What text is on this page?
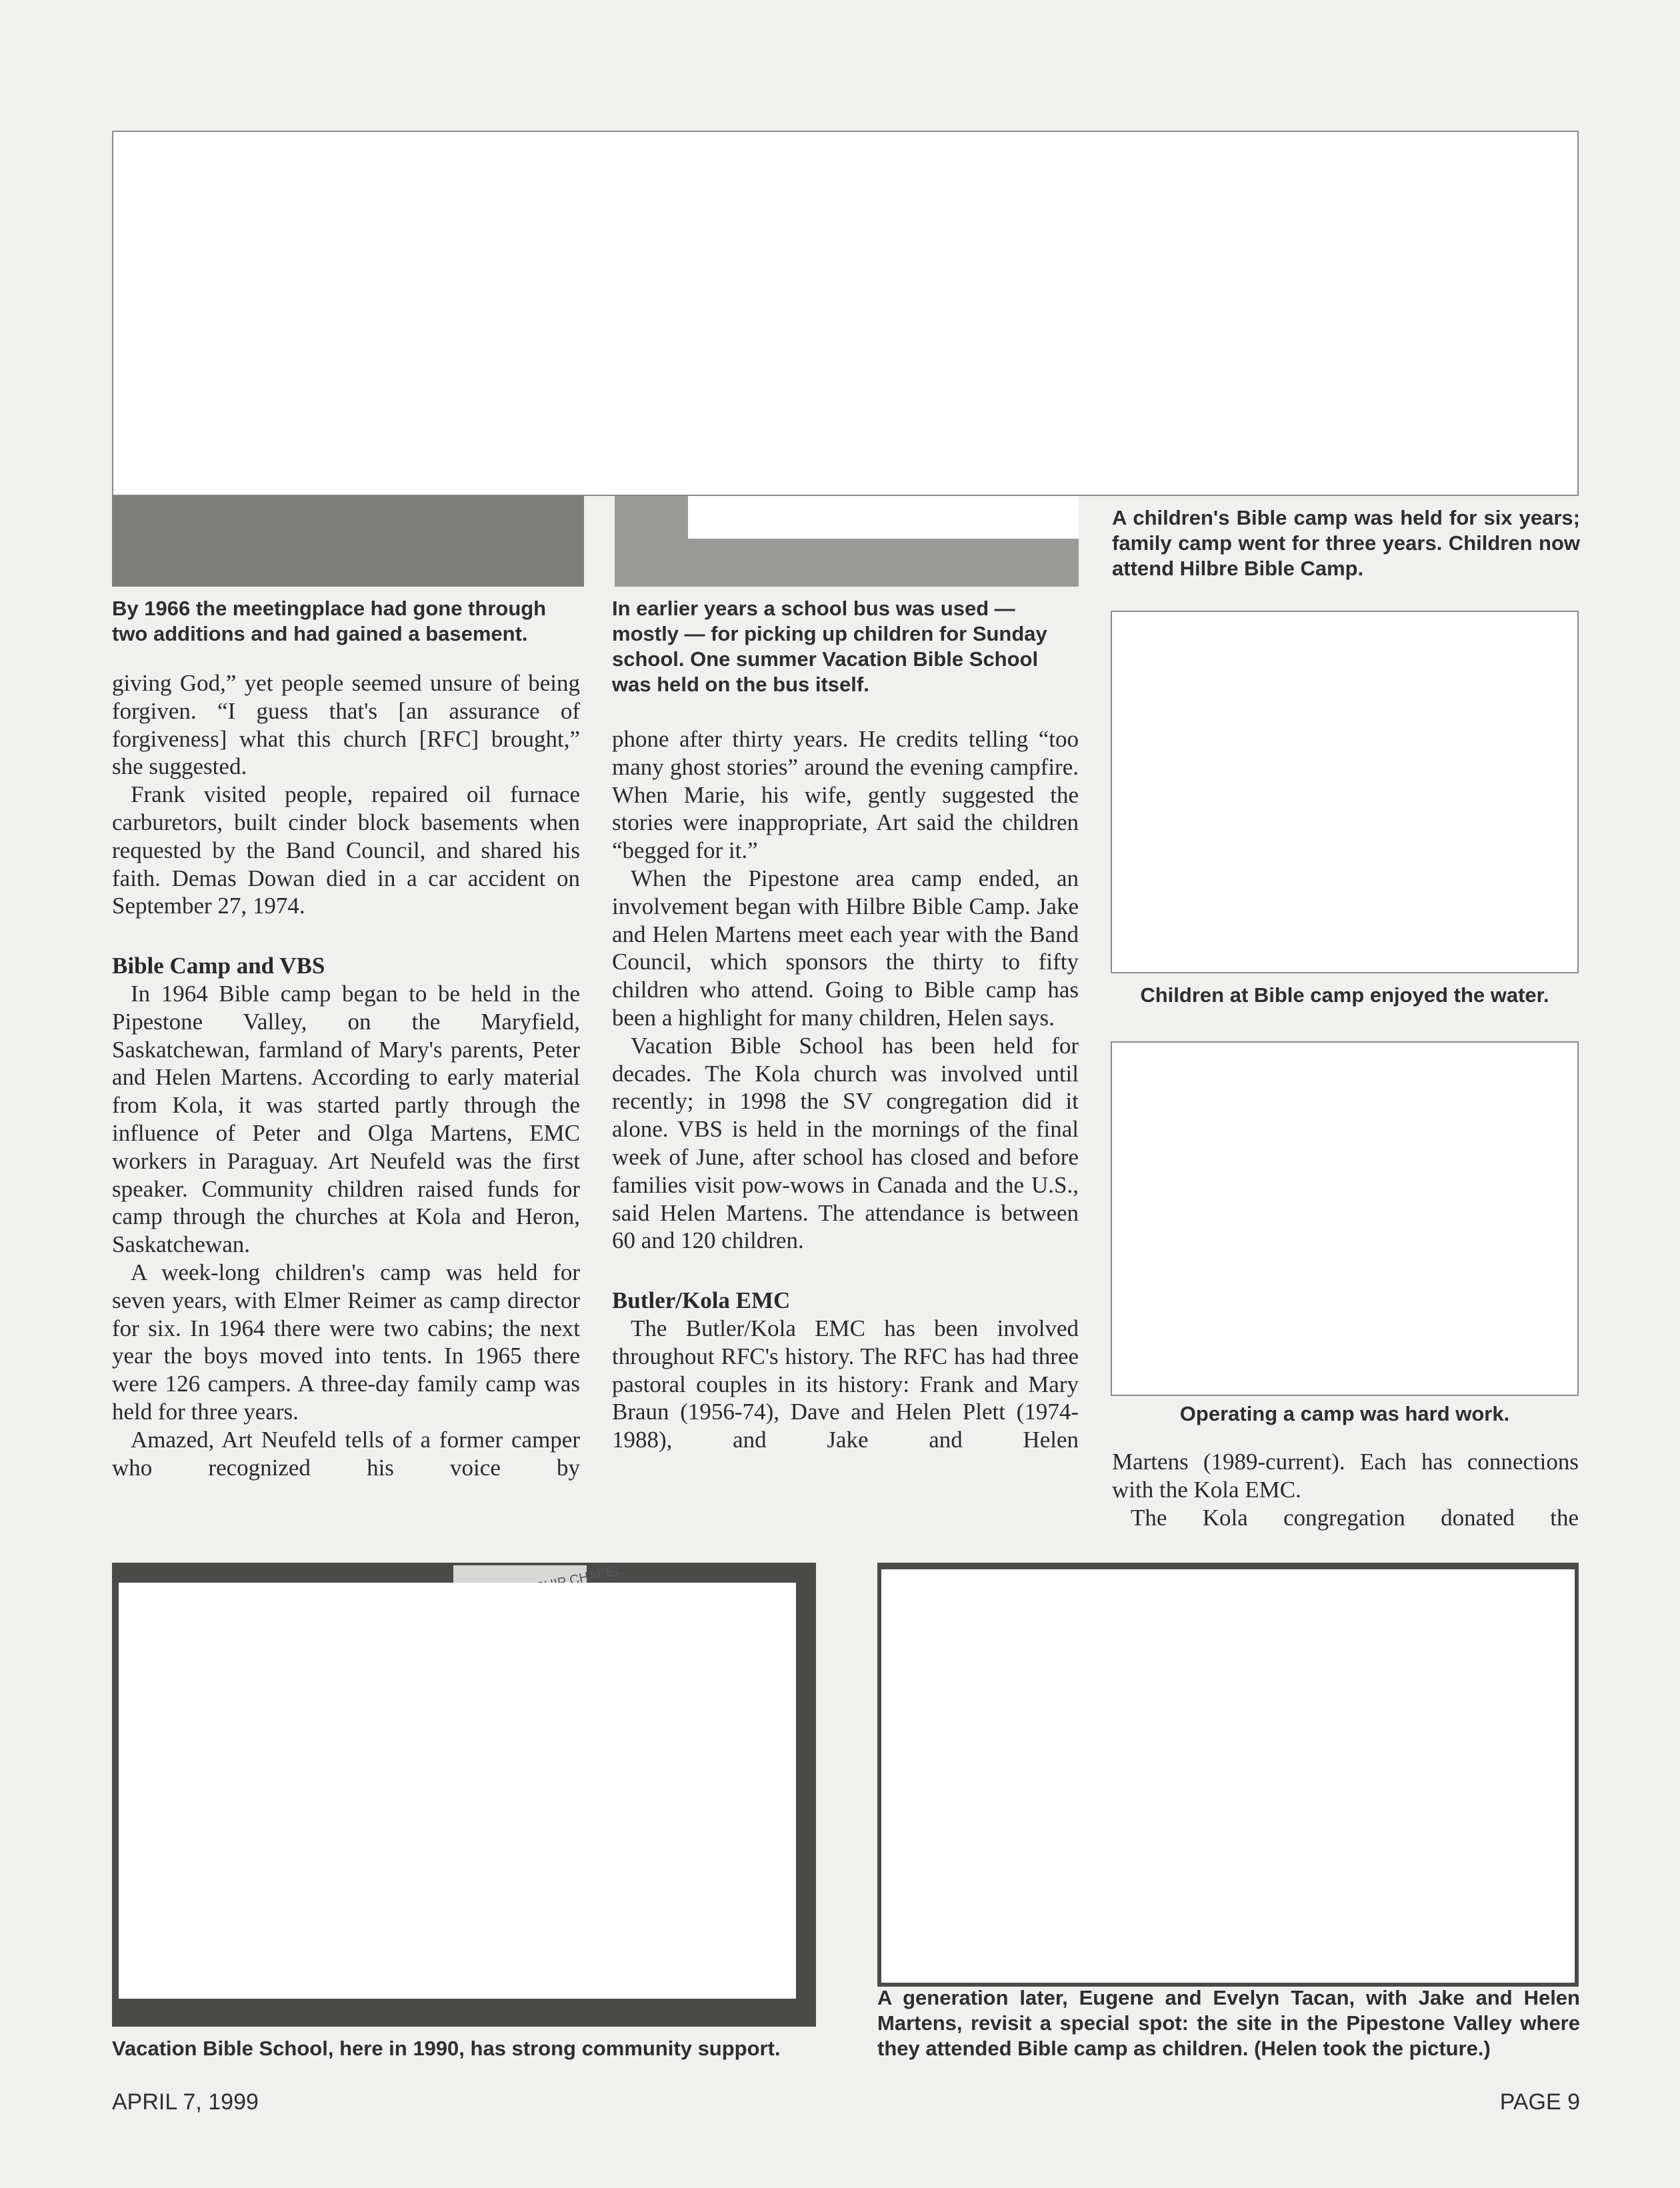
By 1966 the meetingplace had gone through two additions and had gained a basement.

In earlier years a school bus was used — mostly — for picking up children for Sunday school. One summer Vacation Bible School was held on the bus itself.

A children's Bible camp was held for six years; family camp went for three years. Children now attend Hilbre Bible Camp.

giving God,” yet people seemed unsure of being forgiven. “I guess that's [an assurance of forgiveness] what this church [RFC] brought,” she suggested.

Frank visited people, repaired oil furnace carburetors, built cinder block basements when requested by the Band Council, and shared his faith. Demas Dowan died in a car accident on September 27, 1974.

Bible Camp and VBS

In 1964 Bible camp began to be held in the Pipestone Valley, on the Maryfield, Saskatchewan, farmland of Mary's parents, Peter and Helen Martens. According to early material from Kola, it was started partly through the influence of Peter and Olga Martens, EMC workers in Paraguay. Art Neufeld was the first speaker. Community children raised funds for camp through the churches at Kola and Heron, Saskatchewan.

A week-long children's camp was held for seven years, with Elmer Reimer as camp director for six. In 1964 there were two cabins; the next year the boys moved into tents. In 1965 there were 126 campers. A three-day family camp was held for three years.

Amazed, Art Neufeld tells of a former camper who recognized his voice by

phone after thirty years. He credits telling “too many ghost stories” around the evening campfire. When Marie, his wife, gently suggested the stories were inappropriate, Art said the children “begged for it.”

When the Pipestone area camp ended, an involvement began with Hilbre Bible Camp. Jake and Helen Martens meet each year with the Band Council, which sponsors the thirty to fifty children who attend. Going to Bible camp has been a highlight for many children, Helen says.

Vacation Bible School has been held for decades. The Kola church was involved until recently; in 1998 the SV congregation did it alone. VBS is held in the mornings of the final week of June, after school has closed and before families visit pow-wows in Canada and the U.S., said Helen Martens. The attendance is between 60 and 120 children.

Butler/Kola EMC

The Butler/Kola EMC has been involved throughout RFC's history. The RFC has had three pastoral couples in its history: Frank and Mary Braun (1956-74), Dave and Helen Plett (1974-1988), and Jake and Helen

Children at Bible camp enjoyed the water.

Operating a camp was hard work.

Martens (1989-current). Each has connections with the Kola EMC.

The Kola congregation donated the

Vacation Bible School, here in 1990, has strong community support.

A generation later, Eugene and Evelyn Tacan, with Jake and Helen Martens, revisit a special spot: the site in the Pipestone Valley where they attended Bible camp as children. (Helen took the picture.)

APRIL 7, 1999	PAGE 9
